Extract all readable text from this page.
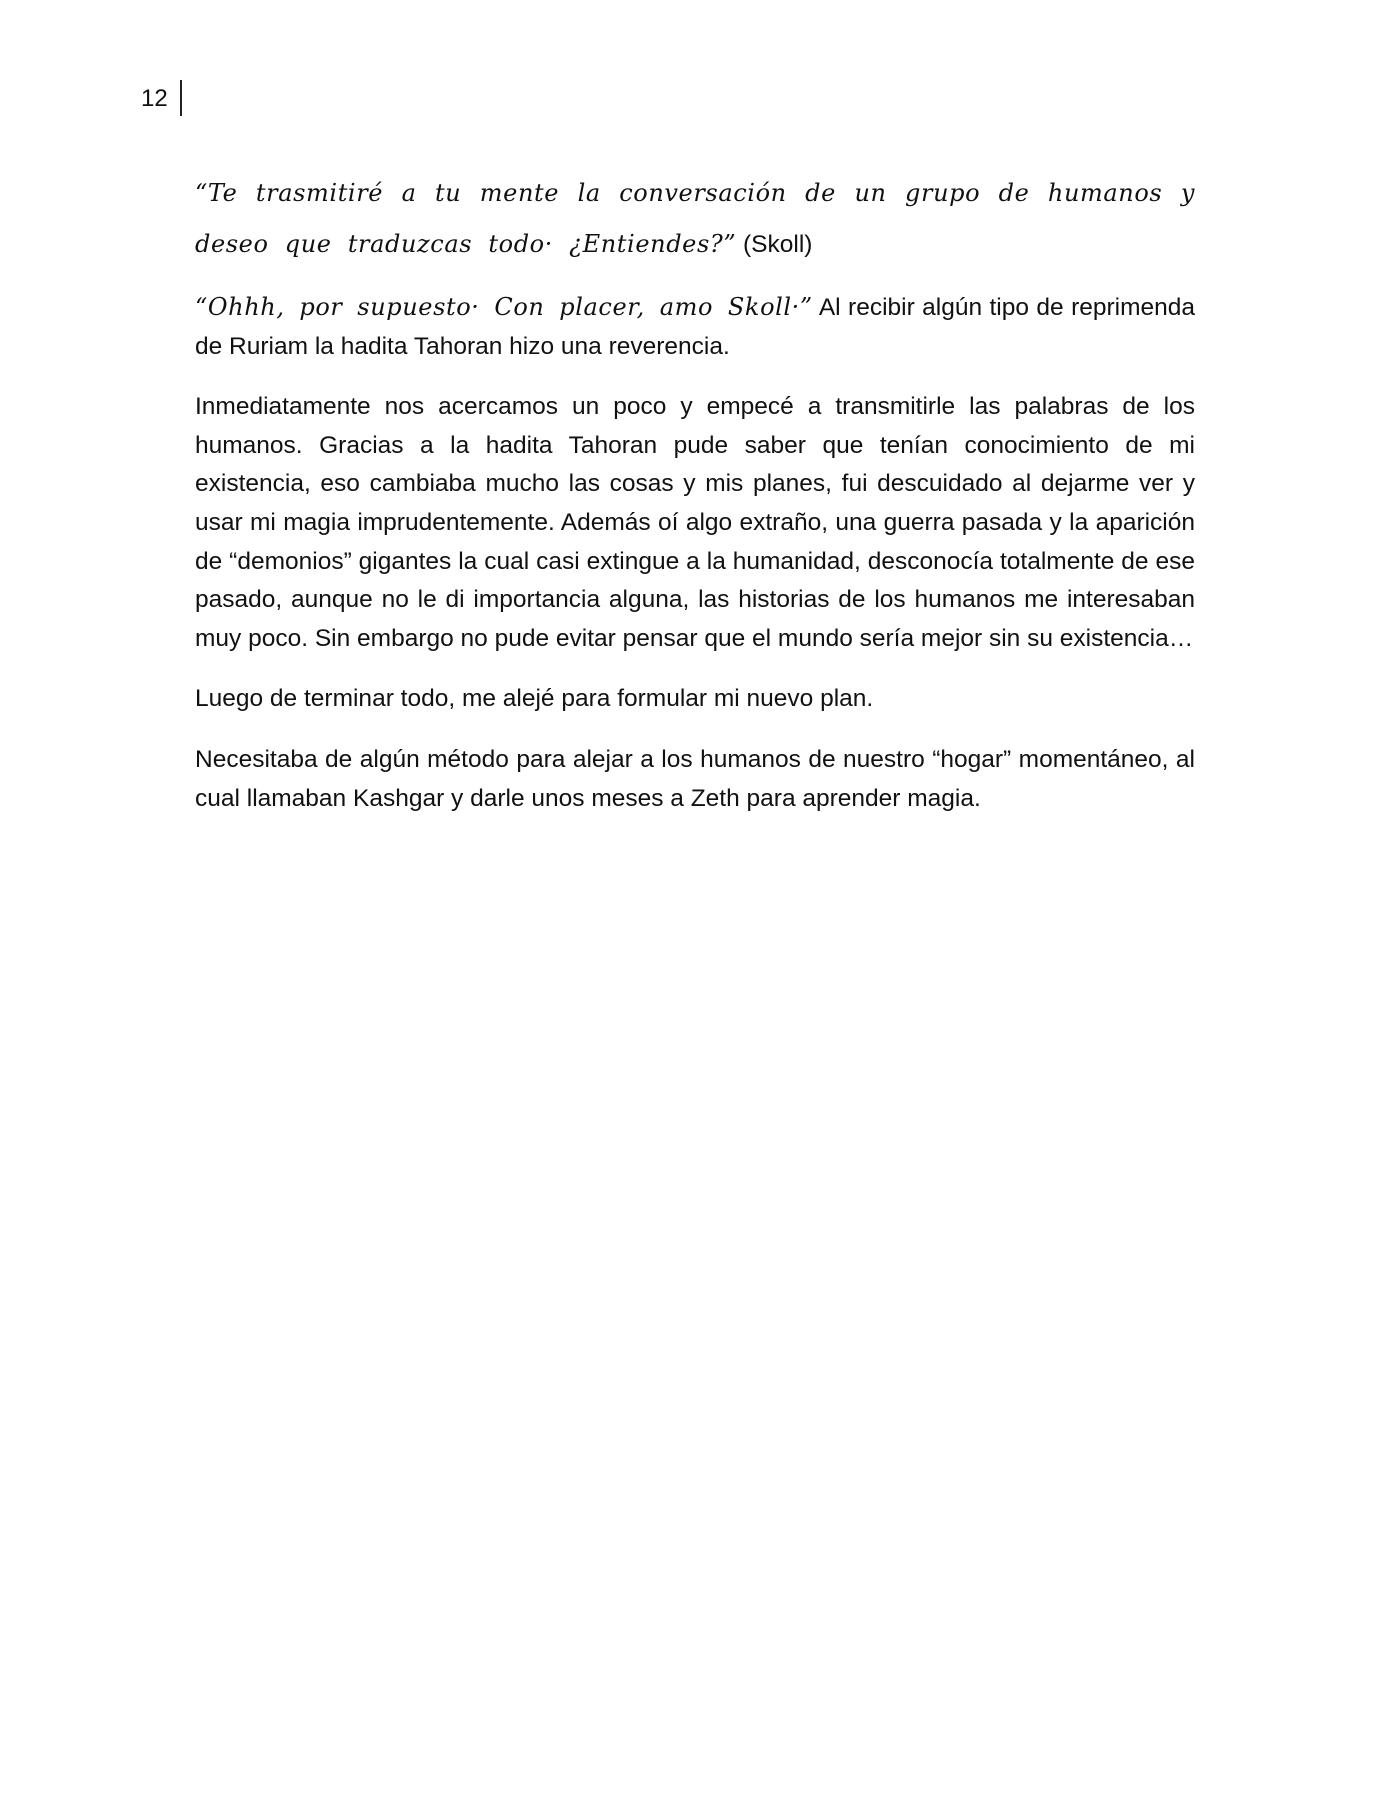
12

“Te trasmitiré a tu mente la conversación de un grupo de humanos y deseo que traduzcas todo· ¿Entiendes?” (Skoll)

“Ohhh, por supuesto· Con placer, amo Skoll·” Al recibir algún tipo de reprimenda de Ruriam la hadita Tahoran hizo una reverencia.

Inmediatamente nos acercamos un poco y empecé a transmitirle las palabras de los humanos. Gracias a la hadita Tahoran pude saber que tenían conocimiento de mi existencia, eso cambiaba mucho las cosas y mis planes, fui descuidado al dejarme ver y usar mi magia imprudentemente. Además oí algo extraño, una guerra pasada y la aparición de “demonios” gigantes la cual casi extingue a la humanidad, desconocía totalmente de ese pasado, aunque no le di importancia alguna, las historias de los humanos me interesaban muy poco. Sin embargo no pude evitar pensar que el mundo sería mejor sin su existencia…

Luego de terminar todo, me alejé para formular mi nuevo plan.

Necesitaba de algún método para alejar a los humanos de nuestro “hogar” momentáneo, al cual llamaban Kashgar y darle unos meses a Zeth para aprender magia.
